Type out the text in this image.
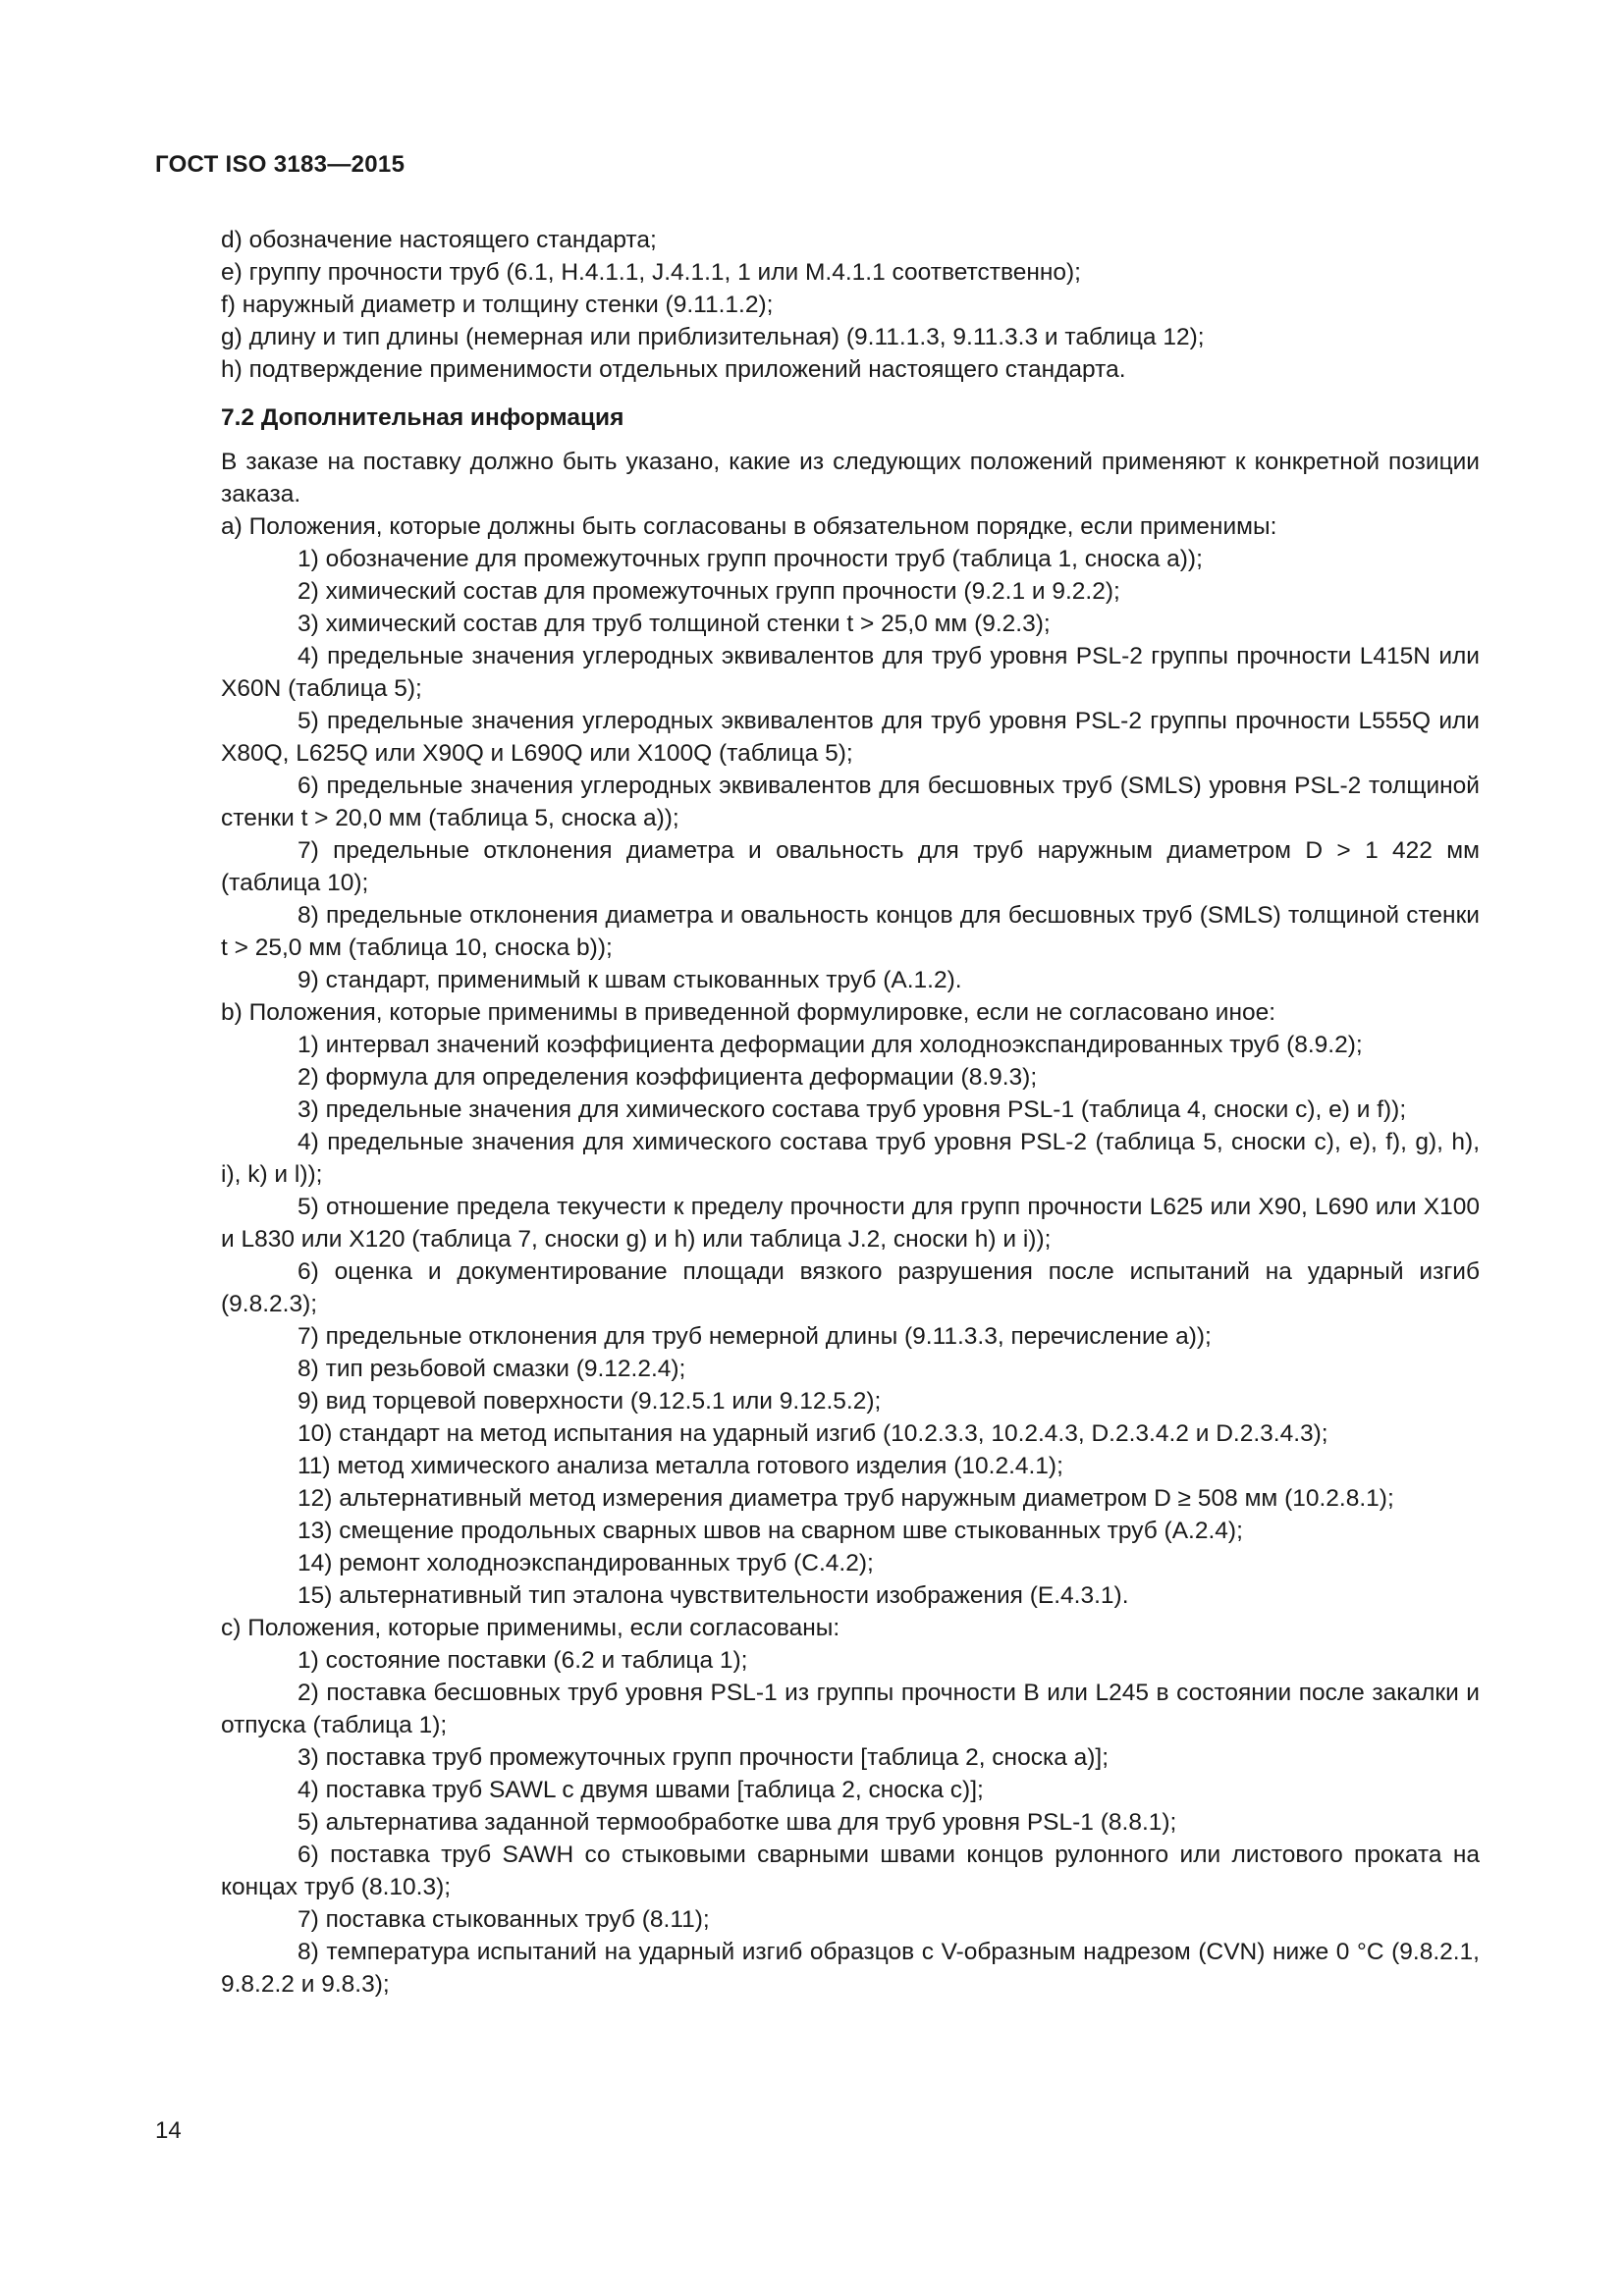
ГОСТ ISO 3183—2015
d) обозначение настоящего стандарта;
e) группу прочности труб (6.1, H.4.1.1, J.4.1.1, 1 или M.4.1.1 соответственно);
f) наружный диаметр и толщину стенки (9.11.1.2);
g) длину и тип длины (немерная или приблизительная) (9.11.1.3, 9.11.3.3 и таблица 12);
h) подтверждение применимости отдельных приложений настоящего стандарта.
7.2 Дополнительная информация
В заказе на поставку должно быть указано, какие из следующих положений применяют к конкретной позиции заказа.
a) Положения, которые должны быть согласованы в обязательном порядке, если применимы:
1) обозначение для промежуточных групп прочности труб (таблица 1, сноска a));
2) химический состав для промежуточных групп прочности (9.2.1 и 9.2.2);
3) химический состав для труб толщиной стенки t > 25,0 мм (9.2.3);
4) предельные значения углеродных эквивалентов для труб уровня PSL-2 группы прочности L415N или X60N (таблица 5);
5) предельные значения углеродных эквивалентов для труб уровня PSL-2 группы прочности L555Q или X80Q, L625Q или X90Q и L690Q или X100Q (таблица 5);
6) предельные значения углеродных эквивалентов для бесшовных труб (SMLS) уровня PSL-2 толщиной стенки t > 20,0 мм (таблица 5, сноска a));
7) предельные отклонения диаметра и овальность для труб наружным диаметром D > 1 422 мм (таблица 10);
8) предельные отклонения диаметра и овальность концов для бесшовных труб (SMLS) толщиной стенки t > 25,0 мм (таблица 10, сноска b));
9) стандарт, применимый к швам стыкованных труб (A.1.2).
b) Положения, которые применимы в приведенной формулировке, если не согласовано иное:
1) интервал значений коэффициента деформации для холодноэкспандированных труб (8.9.2);
2) формула для определения коэффициента деформации (8.9.3);
3) предельные значения для химического состава труб уровня PSL-1 (таблица 4, сноски c), e) и f));
4) предельные значения для химического состава труб уровня PSL-2 (таблица 5, сноски c), e), f), g), h), i), k) и l));
5) отношение предела текучести к пределу прочности для групп прочности L625 или X90, L690 или X100 и L830 или X120 (таблица 7, сноски g) и h) или таблица J.2, сноски h) и i));
6) оценка и документирование площади вязкого разрушения после испытаний на ударный изгиб (9.8.2.3);
7) предельные отклонения для труб немерной длины (9.11.3.3, перечисление a));
8) тип резьбовой смазки (9.12.2.4);
9) вид торцевой поверхности (9.12.5.1 или 9.12.5.2);
10) стандарт на метод испытания на ударный изгиб (10.2.3.3, 10.2.4.3, D.2.3.4.2 и D.2.3.4.3);
11) метод химического анализа металла готового изделия (10.2.4.1);
12) альтернативный метод измерения диаметра труб наружным диаметром D ≥ 508 мм (10.2.8.1);
13) смещение продольных сварных швов на сварном шве стыкованных труб (A.2.4);
14) ремонт холодноэкспандированных труб (C.4.2);
15) альтернативный тип эталона чувствительности изображения (E.4.3.1).
c) Положения, которые применимы, если согласованы:
1) состояние поставки (6.2 и таблица 1);
2) поставка бесшовных труб уровня PSL-1 из группы прочности B или L245 в состоянии после закалки и отпуска (таблица 1);
3) поставка труб промежуточных групп прочности [таблица 2, сноска a)];
4) поставка труб SAWL с двумя швами [таблица 2, сноска c)];
5) альтернатива заданной термообработке шва для труб уровня PSL-1 (8.8.1);
6) поставка труб SAWH со стыковыми сварными швами концов рулонного или листового проката на концах труб (8.10.3);
7) поставка стыкованных труб (8.11);
8) температура испытаний на ударный изгиб образцов с V-образным надрезом (CVN) ниже 0 °C (9.8.2.1, 9.8.2.2 и 9.8.3);
14
